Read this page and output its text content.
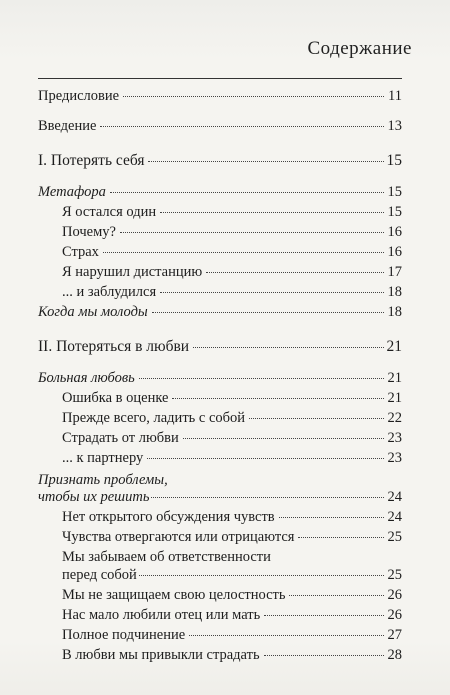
Содержание
Предисловие	11
Введение	13
I. Потерять себя	15
Метафора	15
Я остался один	15
Почему?	16
Страх	16
Я нарушил дистанцию	17
... и заблудился	18
Когда мы молоды	18
II. Потеряться в любви	21
Больная любовь	21
Ошибка в оценке	21
Прежде всего, ладить с собой	22
Страдать от любви	23
... к партнеру	23
Признать проблемы,
чтобы их решить	24
Нет открытого обсуждения чувств	24
Чувства отвергаются или отрицаются	25
Мы забываем об ответственности
перед собой	25
Мы не защищаем свою целостность	26
Нас мало любили отец или мать	26
Полное подчинение	27
В любви мы привыкли страдать	28
